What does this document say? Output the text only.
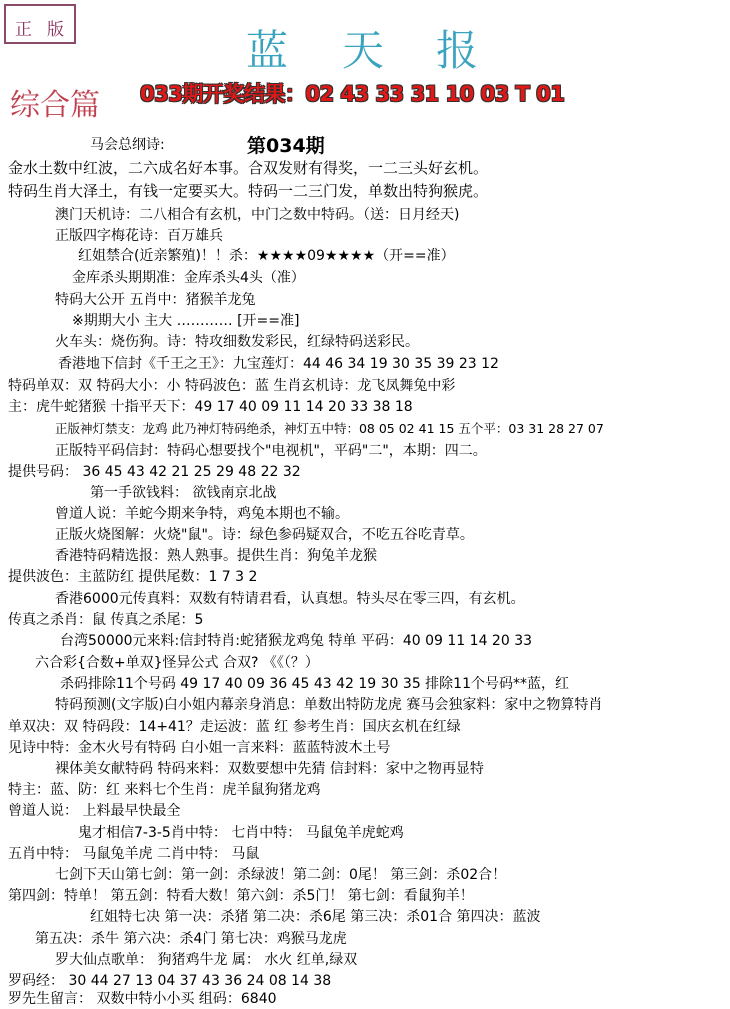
正 版	蓝 天 报
综合篇 033期开奖结果：02 43 33 31 10 03 T 01
第034期
马会总纲诗:
金水土数中红波，二六成名好本事。合双发财有得奖，一二三头好玄机。
特码生肖大泽土，有钱一定要买大。特码一二三门发，单数出特狗猴虎。
澳门天机诗：二八相合有玄机，中门之数中特码。（送：日月经天)
正版四字梅花诗：百万雄兵
红姐禁合(近亲繁殖)！！杀：★★★★09★★★★（开==准）
金库杀头期期准：金库杀头4头（准）
特码大公开 五肖中：猪猴羊龙兔
※期期大小 主大 ………… [开==准]
火车头：烧伤狗。诗：特攻细数发彩民，红绿特码送彩民。
香港地下信封《千王之王》：九宝莲灯：44 46 34 19 30 35 39 23 12
特码单双：双 特码大小：小 特码波色：蓝 生肖玄机诗：龙飞凤舞兔中彩
主：虎牛蛇猪猴 十指平天下：49 17 40 09 11 14 20 33 38 18
正版神灯禁支：龙鸡 此乃神灯特码绝杀，神灯五中特：08 05 02 41 15 五个平：03 31 28 27 07
正版特平码信封：特码心想要找个"电视机"，平码"二"，本期：四二。
提供号码： 36 45 43 42 21 25 29 48 22 32
第一手欲钱料： 欲钱南京北战
曾道人说：羊蛇今期来争特，鸡兔本期也不输。
正版火烧图解：火烧"鼠"。诗：绿色参码疑双合，不吃五谷吃青草。
香港特码精选报：熟人熟事。提供生肖：狗兔羊龙猴
提供波色：主蓝防红 提供尾数：1 7 3 2
香港6000元传真料：双数有特请君看，认真想。特头尽在零三四，有玄机。
传真之杀肖：鼠 传真之杀尾：5
台湾50000元来料:信封特肖:蛇猪猴龙鸡兔 特单 平码：40 09 11 14 20 33
六合彩{合数+单双}怪异公式 合双? 《《（？）
杀码排除11个号码 49 17 40 09 36 45 43 42 19 30 35 排除11个号码**蓝，红
特码预测(文字版)白小姐内幕亲身消息：单数出特防龙虎 赛马会独家料：家中之物算特肖
单双决：双 特码段：14+41？走运波：蓝 红 参考生肖：国庆玄机在红绿
见诗中特：金木火号有特码 白小姐一言来料：蓝蓝特波木土号
裸体美女献特码 特码来料：双数要想中先猜 信封料：家中之物再显特
特主：蓝、防：红 来料七个生肖：虎羊鼠狗猪龙鸡
曾道人说： 上料最早快最全
鬼才相信7-3-5肖中特： 七肖中特： 马鼠兔羊虎蛇鸡
五肖中特： 马鼠兔羊虎 二肖中特： 马鼠
七剑下天山第七剑：第一剑：杀绿波！第二剑：0尾！ 第三剑：杀02合！
第四剑：特单！ 第五剑：特看大数！第六剑：杀5门！ 第七剑：看鼠狗羊！
红姐特七决 第一决：杀猪 第二决：杀6尾 第三决：杀01合 第四决：蓝波
第五决：杀牛 第六决：杀4门 第七决：鸡猴马龙虎
罗大仙点歌单： 狗猪鸡牛龙 属： 水火 红单,绿双
罗码经： 30 44 27 13 04 37 43 36 24 08 14 38
罗先生留言： 双数中特小小买 组码：6840
